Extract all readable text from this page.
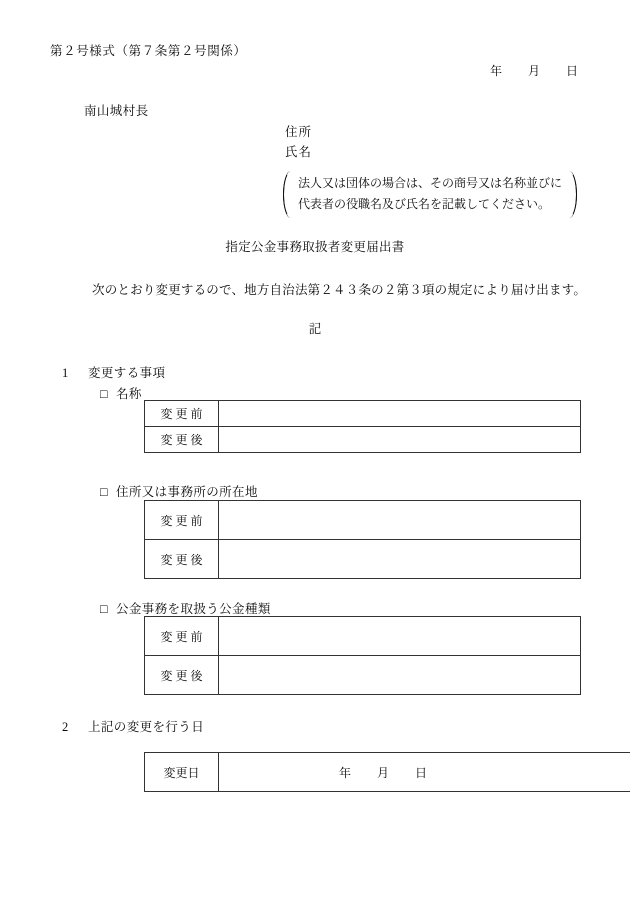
第２号様式（第７条第２号関係）
年 月 日
南山城村長
住所
氏名
法人又は団体の場合は、その商号又は名称並びに
代表者の役職名及び氏名を記載してください。
指定公金事務取扱者変更届出書
次のとおり変更するので、地方自治法第２４３条の２第３項の規定により届け出ます。
記
1 変更する事項
□ 名称
変更前	
変更後	
□ 住所又は事務所の所在地
変更前	
変更後	
□ 公金事務を取扱う公金種類
変更前	
変更後	
2 上記の変更を行う日
変更日	年 月 日
